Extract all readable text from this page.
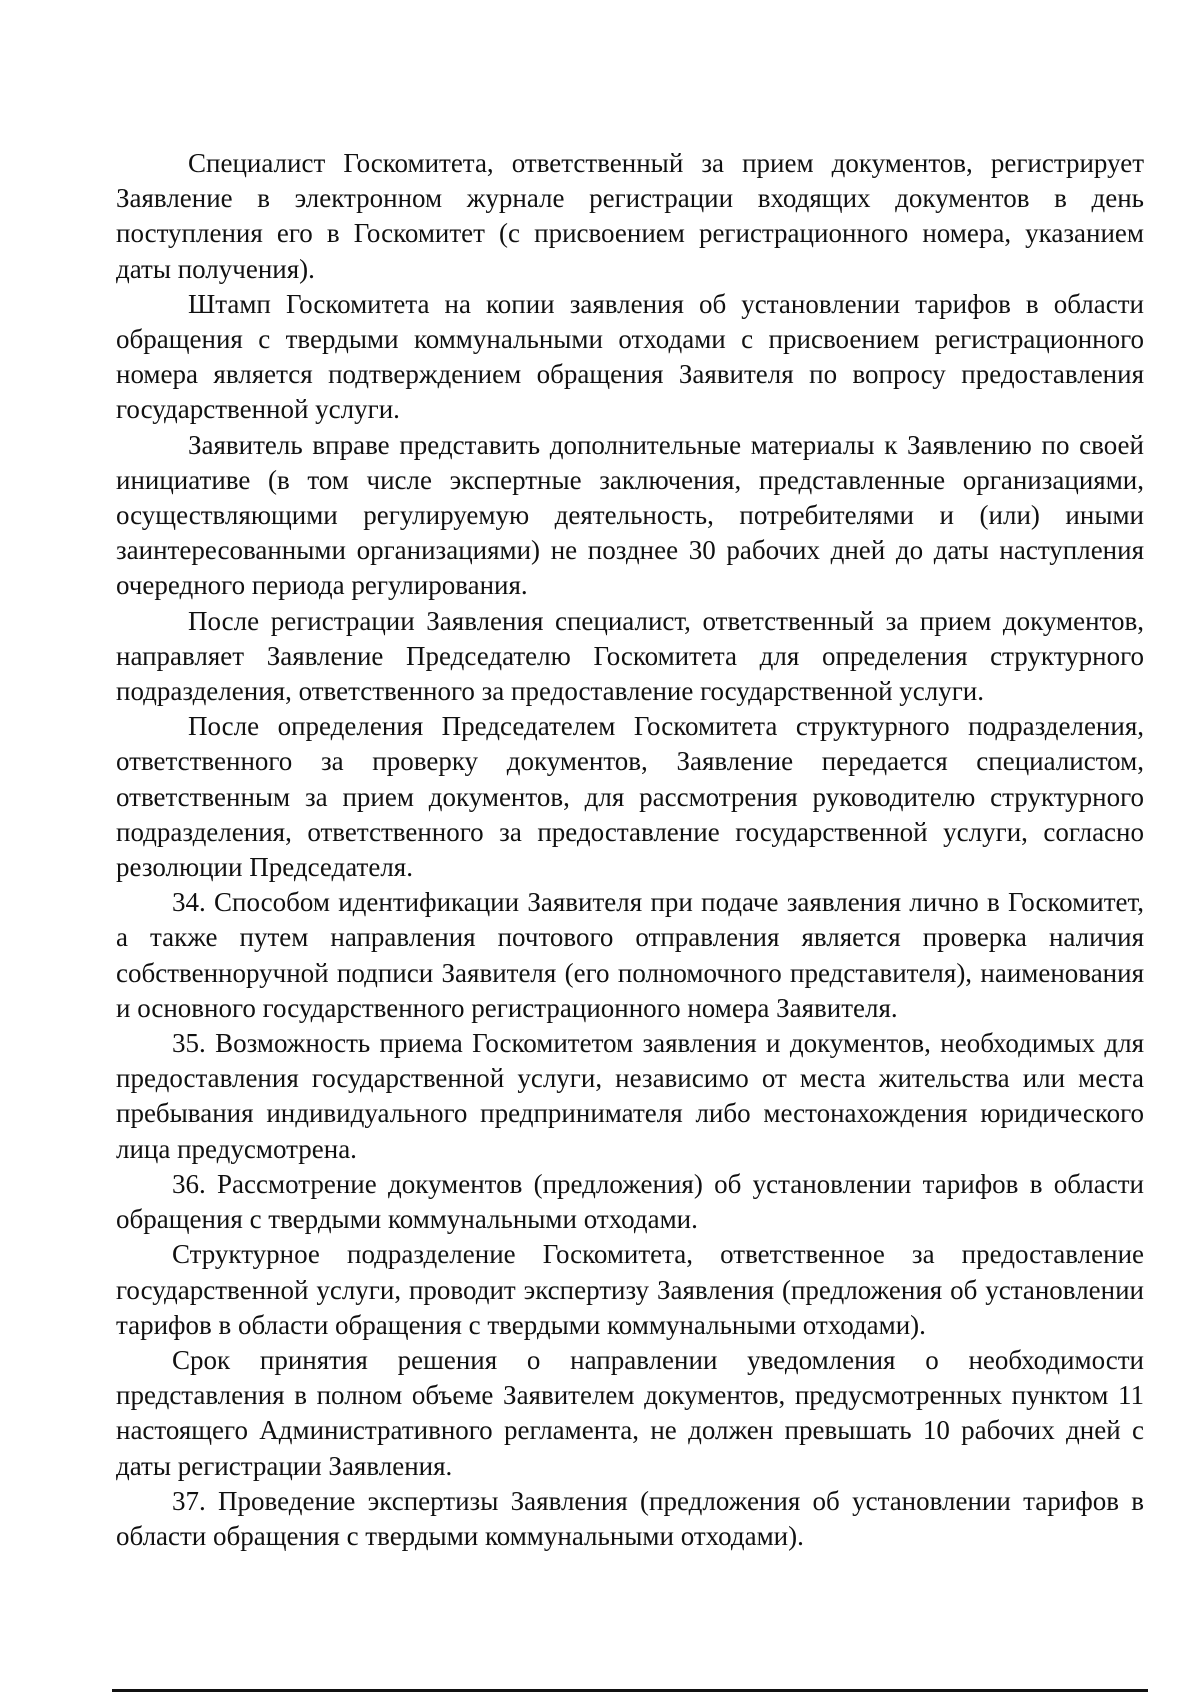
Специалист Госкомитета, ответственный за прием документов, регистрирует Заявление в электронном журнале регистрации входящих документов в день поступления его в Госкомитет (с присвоением регистрационного номера, указанием даты получения).

Штамп Госкомитета на копии заявления об установлении тарифов в области обращения с твердыми коммунальными отходами с присвоением регистрационного номера является подтверждением обращения Заявителя по вопросу предоставления государственной услуги.

Заявитель вправе представить дополнительные материалы к Заявлению по своей инициативе (в том числе экспертные заключения, представленные организациями, осуществляющими регулируемую деятельность, потребителями и (или) иными заинтересованными организациями) не позднее 30 рабочих дней до даты наступления очередного периода регулирования.

После регистрации Заявления специалист, ответственный за прием документов, направляет Заявление Председателю Госкомитета для определения структурного подразделения, ответственного за предоставление государственной услуги.

После определения Председателем Госкомитета структурного подразделения, ответственного за проверку документов, Заявление передается специалистом, ответственным за прием документов, для рассмотрения руководителю структурного подразделения, ответственного за предоставление государственной услуги, согласно резолюции Председателя.

34. Способом идентификации Заявителя при подаче заявления лично в Госкомитет, а также путем направления почтового отправления является проверка наличия собственноручной подписи Заявителя (его полномочного представителя), наименования и основного государственного регистрационного номера Заявителя.

35. Возможность приема Госкомитетом заявления и документов, необходимых для предоставления государственной услуги, независимо от места жительства или места пребывания индивидуального предпринимателя либо местонахождения юридического лица предусмотрена.

36. Рассмотрение документов (предложения) об установлении тарифов в области обращения с твердыми коммунальными отходами.

Структурное подразделение Госкомитета, ответственное за предоставление государственной услуги, проводит экспертизу Заявления (предложения об установлении тарифов в области обращения с твердыми коммунальными отходами).

Срок принятия решения о направлении уведомления о необходимости представления в полном объеме Заявителем документов, предусмотренных пунктом 11 настоящего Административного регламента, не должен превышать 10 рабочих дней с даты регистрации Заявления.

37. Проведение экспертизы Заявления (предложения об установлении тарифов в области обращения с твердыми коммунальными отходами).
